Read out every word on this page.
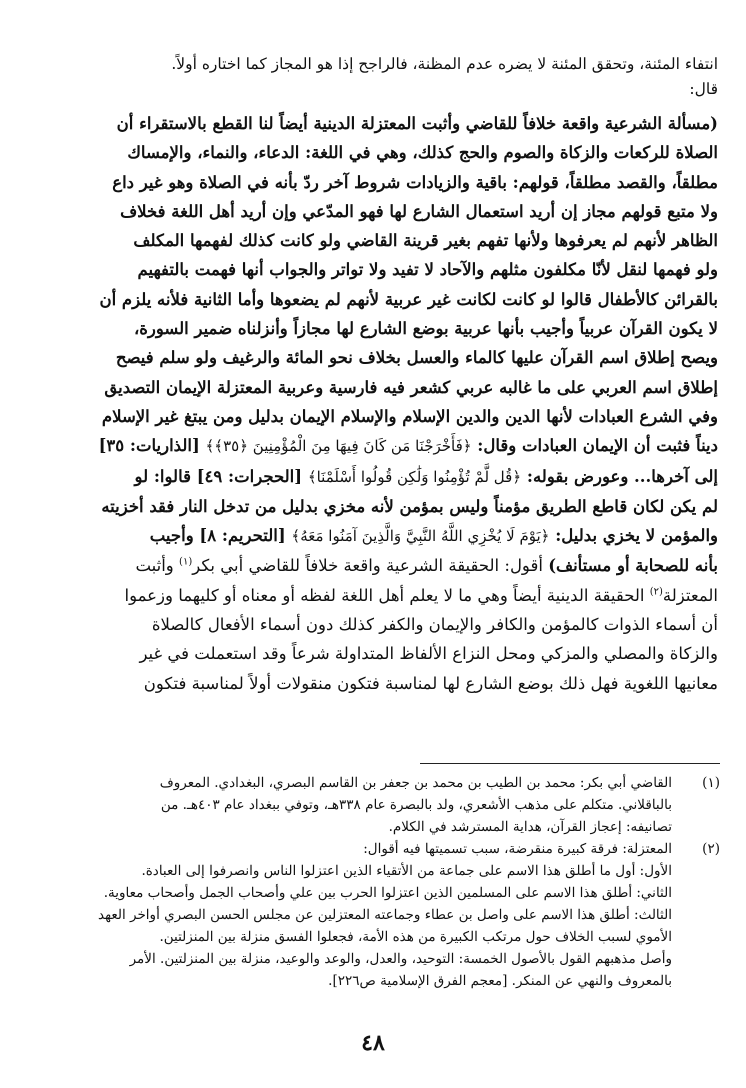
انتفاء المئنة، وتحقق المئنة لا يضره عدم المظنة، فالراجح إذا هو المجاز كما اختاره أولاً.

قال:

(مسألة الشرعية واقعة خلافاً للقاضي وأثبت المعتزلة الدينية أيضاً لنا القطع بالاستقراء أن
الصلاة للركعات والزكاة والصوم والحج كذلك، وهي في اللغة: الدعاء، والنماء، والإمساك
مطلقاً، والقصد مطلقاً، قولهم: باقية والزيادات شروط آخر ردّ بأنه في الصلاة وهو غير داع
ولا متبع قولهم مجاز إن أريد استعمال الشارع لها فهو المدّعي وإن أريد أهل اللغة فخلاف
الظاهر لأنهم لم يعرفوها ولأنها تفهم بغير قرينة القاضي ولو كانت كذلك لفهمها المكلف
ولو فهمها لنقل لأنّا مكلفون مثلهم والآحاد لا تفيد ولا تواتر والجواب أنها فهمت بالتفهيم
بالقرائن كالأطفال قالوا لو كانت لكانت غير عربية لأنهم لم يضعوها وأما الثانية فلأنه يلزم أن
لا يكون القرآن عربياً وأجيب بأنها عربية بوضع الشارع لها مجازاً وأنزلناه ضمير السورة،
ويصح إطلاق اسم القرآن عليها كالماء والعسل بخلاف نحو المائة والرغيف ولو سلم فيصح
إطلاق اسم العربي على ما غالبه عربي كشعر فيه فارسية وعربية المعتزلة الإيمان التصديق
وفي الشرع العبادات لأنها الدين والدين الإسلام والإسلام الإيمان بدليل ومن يبتغ غير الإسلام
ديناً فثبت أن الإيمان العبادات وقال: ﴿فَأَخْرَجْنَا مَن كَانَ فِيهَا مِنَ الْمُؤْمِنِينَ ﴿٣٥﴾﴾ [الذاريات: ٣٥]
إلى آخرها... وعورض بقوله: ﴿قُل لَّمْ تُؤْمِنُوا وَلَٰكِن قُولُوا أَسْلَمْنَا﴾ [الحجرات: ٤٩] قالوا: لو
لم يكن لكان قاطع الطريق مؤمناً وليس بمؤمن لأنه مخزي بدليل من تدخل النار فقد أخزيته
والمؤمن لا يخزي بدليل: ﴿يَوْمَ لَا يُخْزِي اللَّهُ النَّبِيَّ وَالَّذِينَ آمَنُوا مَعَهُ﴾ [التحريم: ٨] وأجيب
بأنه للصحابة أو مستأنف) أقول: الحقيقة الشرعية واقعة خلافاً للقاضي أبي بكر$^{(١)}$ وأثبت
المعتزلة$^{(٢)}$ الحقيقة الدينية أيضاً وهي ما لا يعلم أهل اللغة لفظه أو معناه أو كليهما وزعموا
أن أسماء الذوات كالمؤمن والكافر والإيمان والكفر كذلك دون أسماء الأفعال كالصلاة
والزكاة والمصلي والمزكي ومحل النزاع الألفاظ المتداولة شرعاً وقد استعملت في غير
معانيها اللغوية فهل ذلك بوضع الشارع لها لمناسبة فتكون منقولات أولاً لمناسبة فتكون
(١)
القاضي أبي بكر: محمد بن الطيب بن محمد بن جعفر بن القاسم البصري، البغدادي. المعروف
بالباقلاني. متكلم على مذهب الأشعري، ولد بالبصرة عام ٣٣٨هـ، وتوفي ببغداد عام ٤٠٣هـ. من
تصانيفه: إعجاز القرآن، هداية المسترشد في الكلام.
(٢)
المعتزلة: فرقة كبيرة منقرضة، سبب تسميتها فيه أقوال:
الأول: أول ما أطلق هذا الاسم على جماعة من الأتقياء الذين اعتزلوا الناس وانصرفوا إلى العبادة.
الثاني: أطلق هذا الاسم على المسلمين الذين اعتزلوا الحرب بين علي وأصحاب الجمل وأصحاب معاوية.
الثالث: أطلق هذا الاسم على واصل بن عطاء وجماعته المعتزلين عن مجلس الحسن البصري أواخر العهد
الأموي لسبب الخلاف حول مرتكب الكبيرة من هذه الأمة، فجعلوا الفسق منزلة بين المنزلتين.
وأصل مذهبهم القول بالأصول الخمسة: التوحيد، والعدل، والوعد والوعيد، منزلة بين المنزلتين. الأمر
بالمعروف والنهي عن المنكر. [معجم الفرق الإسلامية ص٢٢٦].
٤٨
